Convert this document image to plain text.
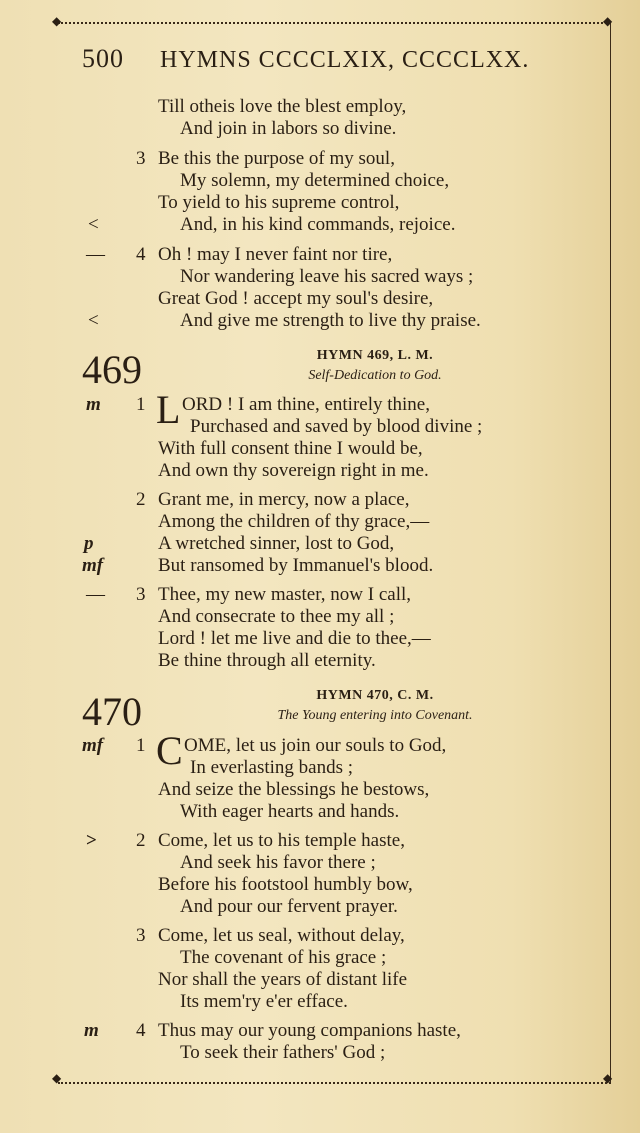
◆	◆
◆	◆
500 HYMNS CCCCLXIX, CCCCLXX.
Till otheis love the blest employ,
And join in labors so divine.
3 Be this the purpose of my soul,
My solemn, my determined choice,
To yield to his supreme control,
<	And, in his kind commands, rejoice.
— 4 Oh ! may I never faint nor tire,
Nor wandering leave his sacred ways ;
Great God ! accept my soul's desire,
<	And give me strength to live thy praise.
469	HYMN 469, L. M.
Self-Dedication to God.
m 1 L ORD ! I am thine, entirely thine,
Purchased and saved by blood divine ;
With full consent thine I would be,
And own thy sovereign right in me.
2 Grant me, in mercy, now a place,
Among the children of thy grace,—
p	A wretched sinner, lost to God,
mf	But ransomed by Immanuel's blood.
— 3 Thee, my new master, now I call,
And consecrate to thee my all ;
Lord ! let me live and die to thee,—
Be thine through all eternity.
470	HYMN 470, C. M.
The Young entering into Covenant.
mf 1 C OME, let us join our souls to God,
In everlasting bands ;
And seize the blessings he bestows,
With eager hearts and hands.
> 2 Come, let us to his temple haste,
And seek his favor there ;
Before his footstool humbly bow,
And pour our fervent prayer.
3 Come, let us seal, without delay,
The covenant of his grace ;
Nor shall the years of distant life
Its mem'ry e'er efface.
m 4 Thus may our young companions haste,
To seek their fathers' God ;
